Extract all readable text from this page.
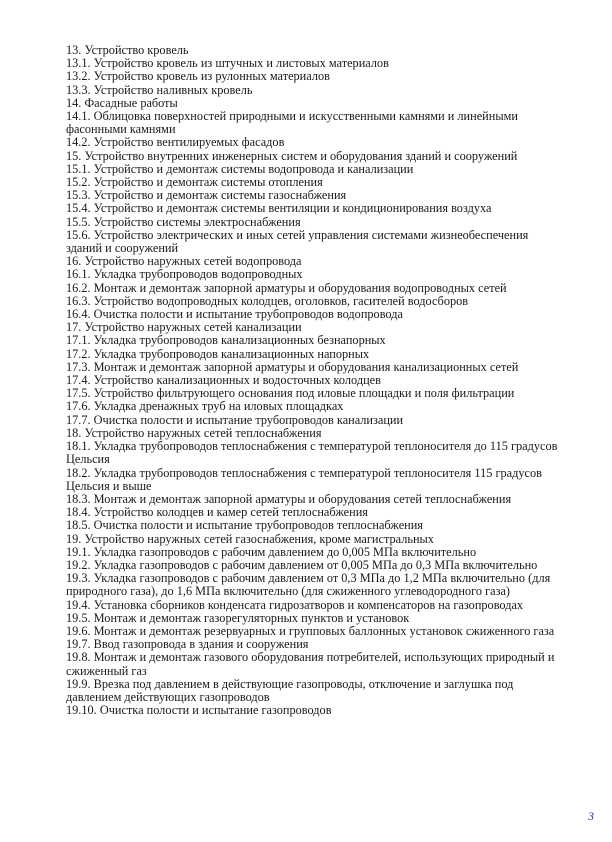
13. Устройство кровель
13.1. Устройство кровель из штучных и листовых материалов
13.2. Устройство кровель из рулонных материалов
13.3. Устройство наливных кровель
14. Фасадные работы
14.1. Облицовка поверхностей природными и искусственными камнями и линейными фасонными камнями
14.2. Устройство вентилируемых фасадов
15. Устройство внутренних инженерных систем и оборудования зданий и сооружений
15.1. Устройство и демонтаж системы водопровода и канализации
15.2. Устройство и демонтаж системы отопления
15.3. Устройство и демонтаж системы газоснабжения
15.4. Устройство и демонтаж системы вентиляции и кондиционирования воздуха
15.5. Устройство системы электроснабжения
15.6. Устройство электрических и иных сетей управления системами жизнеобеспечения зданий и сооружений
16. Устройство наружных сетей водопровода
16.1. Укладка трубопроводов водопроводных
16.2. Монтаж и демонтаж запорной арматуры и оборудования водопроводных сетей
16.3. Устройство водопроводных колодцев, оголовков, гасителей водосборов
16.4. Очистка полости и испытание трубопроводов водопровода
17. Устройство наружных сетей канализации
17.1. Укладка трубопроводов канализационных безнапорных
17.2. Укладка трубопроводов канализационных напорных
17.3. Монтаж и демонтаж запорной арматуры и оборудования канализационных сетей
17.4. Устройство канализационных и водосточных колодцев
17.5. Устройство фильтрующего основания под иловые площадки и поля фильтрации
17.6. Укладка дренажных труб на иловых площадках
17.7. Очистка полости и испытание трубопроводов канализации
18. Устройство наружных сетей теплоснабжения
18.1. Укладка трубопроводов теплоснабжения с температурой теплоносителя до 115 градусов Цельсия
18.2. Укладка трубопроводов теплоснабжения с температурой теплоносителя 115 градусов Цельсия и выше
18.3. Монтаж и демонтаж запорной арматуры и оборудования сетей теплоснабжения
18.4. Устройство колодцев и камер сетей теплоснабжения
18.5. Очистка полости и испытание трубопроводов теплоснабжения
19. Устройство наружных сетей газоснабжения, кроме магистральных
19.1. Укладка газопроводов с рабочим давлением до 0,005 МПа включительно
19.2. Укладка газопроводов с рабочим давлением от 0,005 МПа до 0,3 МПа включительно
19.3. Укладка газопроводов с рабочим давлением от 0,3 МПа до 1,2 МПа включительно (для природного газа), до 1,6 МПа включительно (для сжиженного углеводородного газа)
19.4. Установка сборников конденсата гидрозатворов и компенсаторов на газопроводах
19.5. Монтаж и демонтаж газорегуляторных пунктов и установок
19.6. Монтаж и демонтаж резервуарных и групповых баллонных установок сжиженного газа
19.7. Ввод газопровода в здания и сооружения
19.8. Монтаж и демонтаж газового оборудования потребителей, использующих природный и сжиженный газ
19.9. Врезка под давлением в действующие газопроводы, отключение и заглушка под давлением действующих газопроводов
19.10. Очистка полости и испытание газопроводов
3
